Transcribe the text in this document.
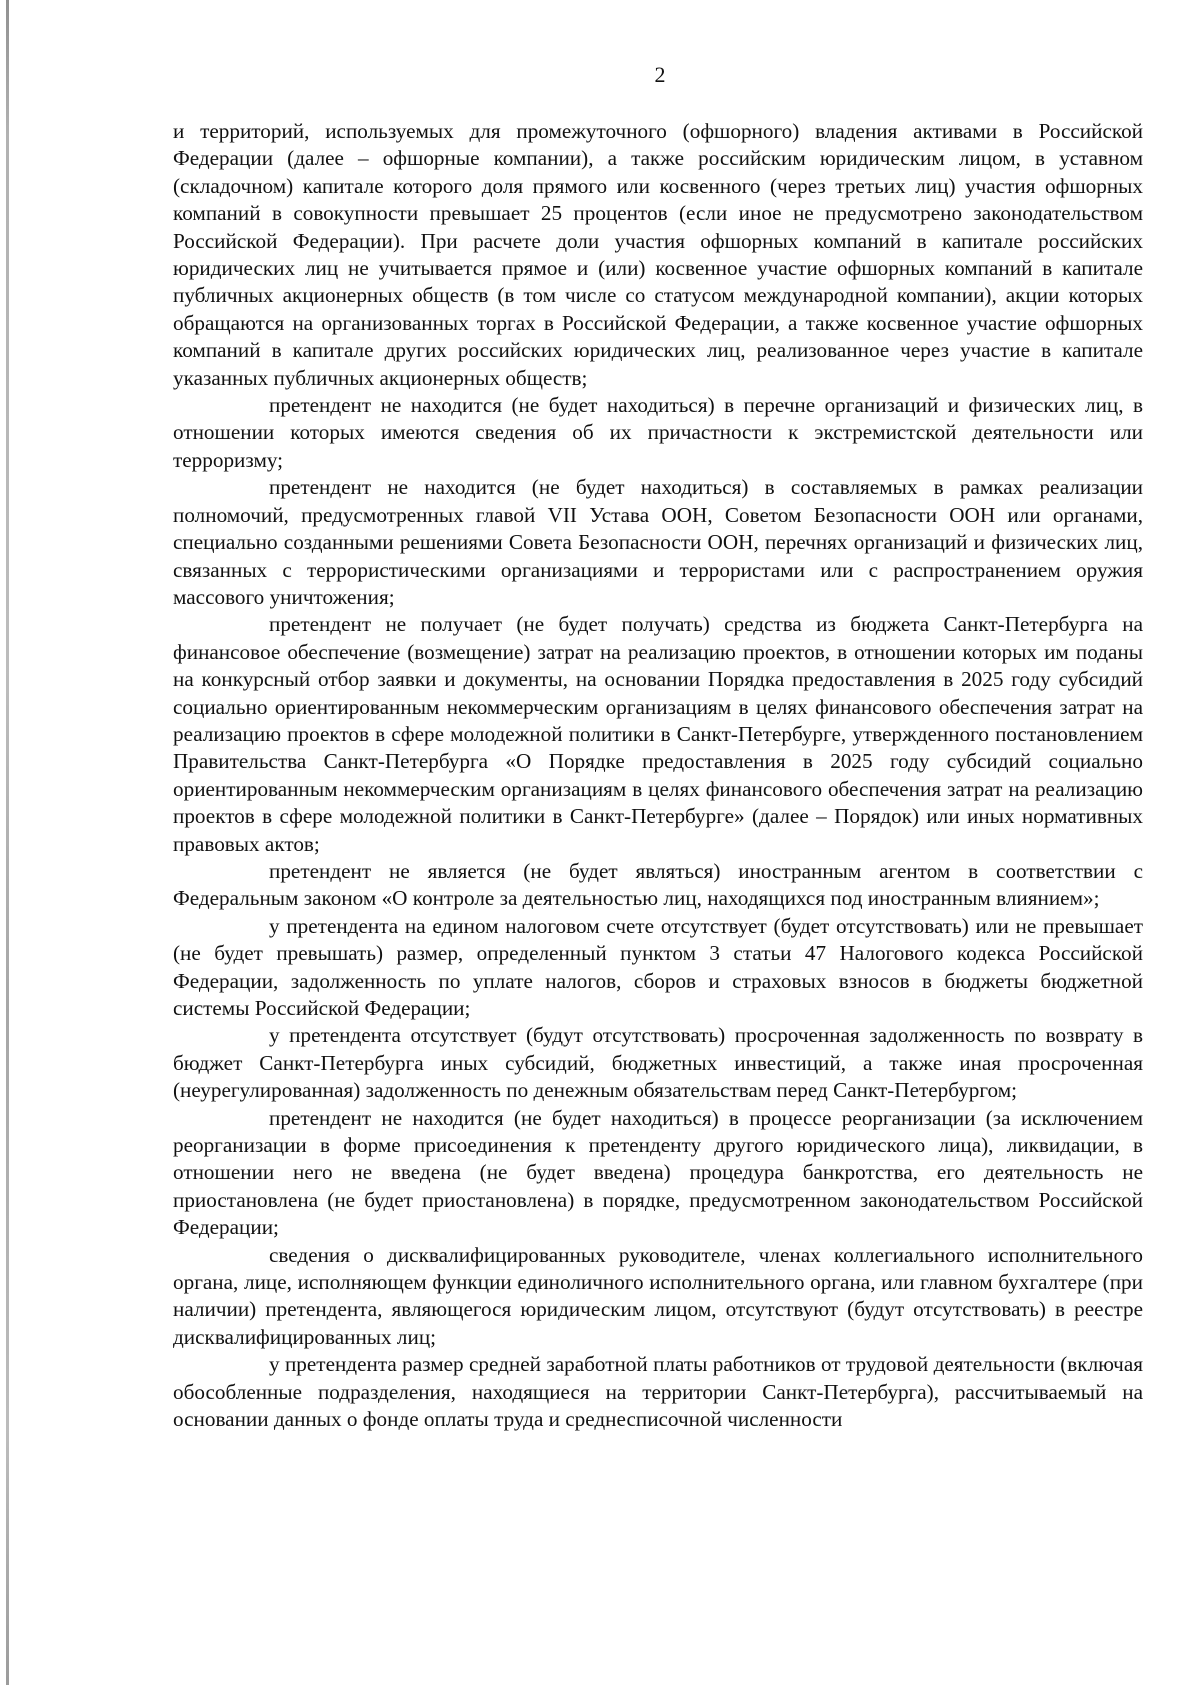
2

и территорий, используемых для промежуточного (офшорного) владения активами в Российской Федерации (далее – офшорные компании), а также российским юридическим лицом, в уставном (складочном) капитале которого доля прямого или косвенного (через третьих лиц) участия офшорных компаний в совокупности превышает 25 процентов (если иное не предусмотрено законодательством Российской Федерации). При расчете доли участия офшорных компаний в капитале российских юридических лиц не учитывается прямое и (или) косвенное участие офшорных компаний в капитале публичных акционерных обществ (в том числе со статусом международной компании), акции которых обращаются на организованных торгах в Российской Федерации, а также косвенное участие офшорных компаний в капитале других российских юридических лиц, реализованное через участие в капитале указанных публичных акционерных обществ;

претендент не находится (не будет находиться) в перечне организаций и физических лиц, в отношении которых имеются сведения об их причастности к экстремистской деятельности или терроризму;

претендент не находится (не будет находиться) в составляемых в рамках реализации полномочий, предусмотренных главой VII Устава ООН, Советом Безопасности ООН или органами, специально созданными решениями Совета Безопасности ООН, перечнях организаций и физических лиц, связанных с террористическими организациями и террористами или с распространением оружия массового уничтожения;

претендент не получает (не будет получать) средства из бюджета Санкт-Петербурга на финансовое обеспечение (возмещение) затрат на реализацию проектов, в отношении которых им поданы на конкурсный отбор заявки и документы, на основании Порядка предоставления в 2025 году субсидий социально ориентированным некоммерческим организациям в целях финансового обеспечения затрат на реализацию проектов в сфере молодежной политики в Санкт-Петербурге, утвержденного постановлением Правительства Санкт-Петербурга «О Порядке предоставления в 2025 году субсидий социально ориентированным некоммерческим организациям в целях финансового обеспечения затрат на реализацию проектов в сфере молодежной политики в Санкт-Петербурге» (далее – Порядок) или иных нормативных правовых актов;

претендент не является (не будет являться) иностранным агентом в соответствии с Федеральным законом «О контроле за деятельностью лиц, находящихся под иностранным влиянием»;

у претендента на едином налоговом счете отсутствует (будет отсутствовать) или не превышает (не будет превышать) размер, определенный пунктом 3 статьи 47 Налогового кодекса Российской Федерации, задолженность по уплате налогов, сборов и страховых взносов в бюджеты бюджетной системы Российской Федерации;

у претендента отсутствует (будут отсутствовать) просроченная задолженность по возврату в бюджет Санкт-Петербурга иных субсидий, бюджетных инвестиций, а также иная просроченная (неурегулированная) задолженность по денежным обязательствам перед Санкт-Петербургом;

претендент не находится (не будет находиться) в процессе реорганизации (за исключением реорганизации в форме присоединения к претенденту другого юридического лица), ликвидации, в отношении него не введена (не будет введена) процедура банкротства, его деятельность не приостановлена (не будет приостановлена) в порядке, предусмотренном законодательством Российской Федерации;

сведения о дисквалифицированных руководителе, членах коллегиального исполнительного органа, лице, исполняющем функции единоличного исполнительного органа, или главном бухгалтере (при наличии) претендента, являющегося юридическим лицом, отсутствуют (будут отсутствовать) в реестре дисквалифицированных лиц;

у претендента размер средней заработной платы работников от трудовой деятельности (включая обособленные подразделения, находящиеся на территории Санкт-Петербурга), рассчитываемый на основании данных о фонде оплаты труда и среднесписочной численности
